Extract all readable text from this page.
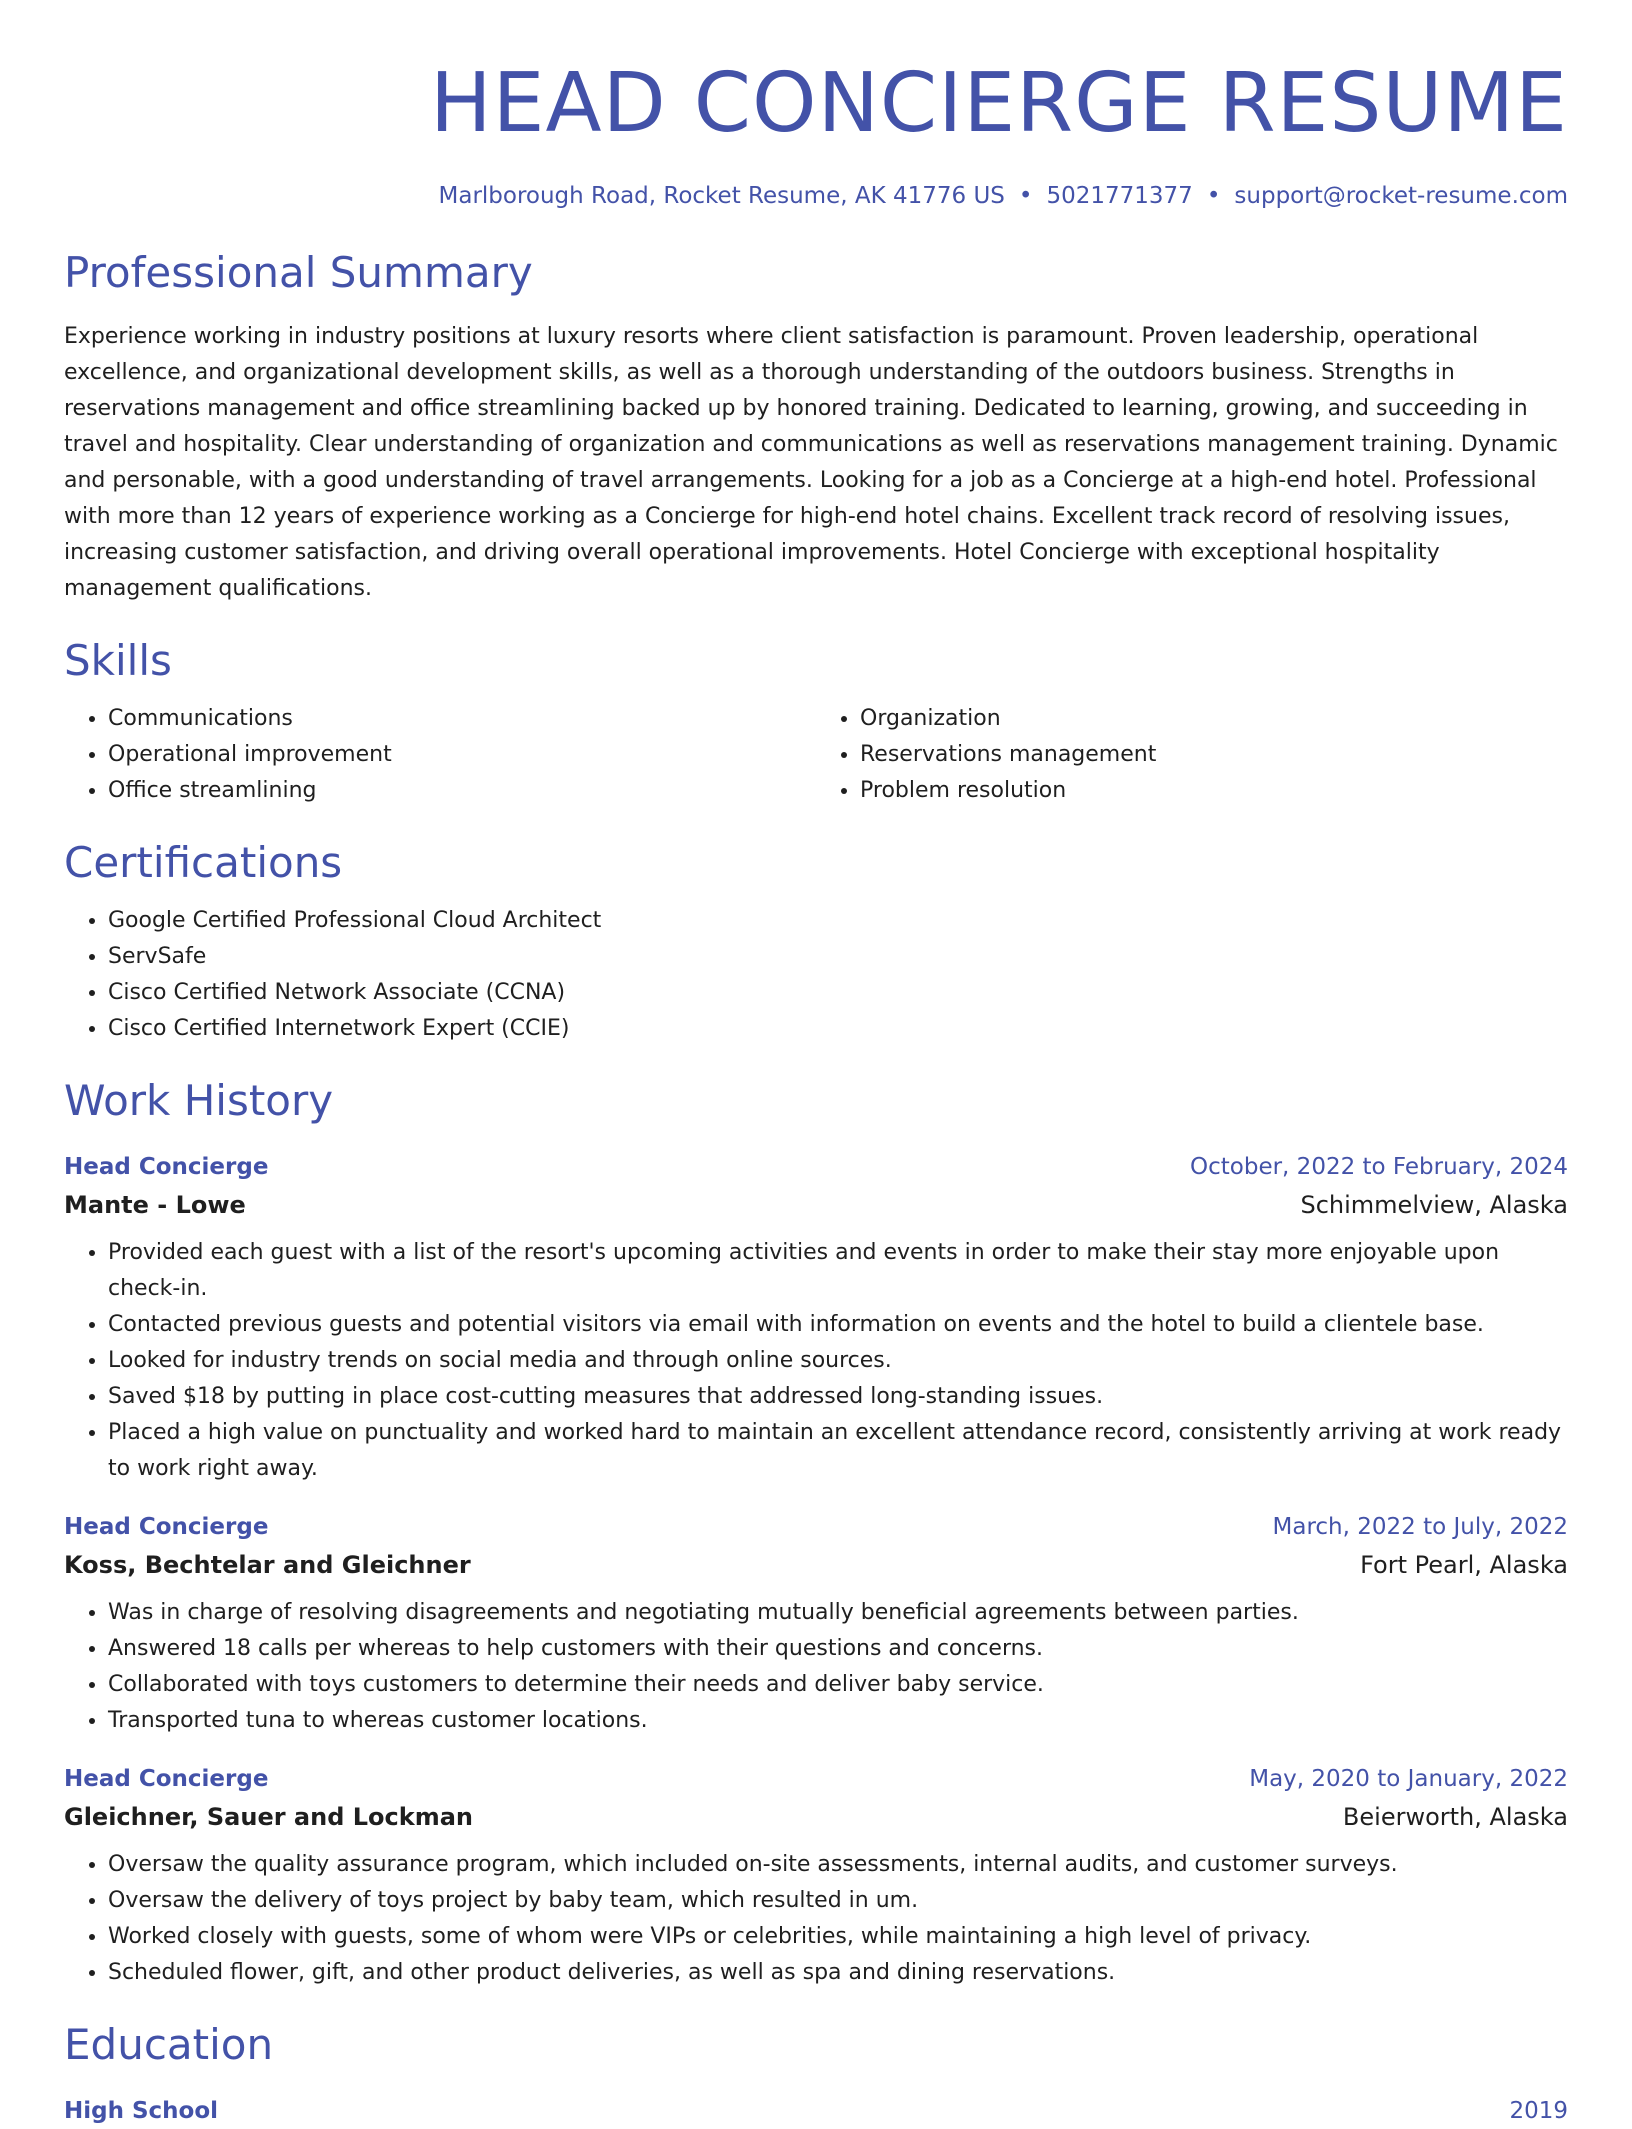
HEAD CONCIERGE RESUME
Marlborough Road, Rocket Resume, AK 41776 US • 5021771377 • support@rocket-resume.com
Professional Summary

Experience working in industry positions at luxury resorts where client satisfaction is paramount. Proven leadership, operational excellence, and organizational development skills, as well as a thorough understanding of the outdoors business. Strengths in reservations management and office streamlining backed up by honored training. Dedicated to learning, growing, and succeeding in travel and hospitality. Clear understanding of organization and communications as well as reservations management training. Dynamic and personable, with a good understanding of travel arrangements. Looking for a job as a Concierge at a high-end hotel. Professional with more than 12 years of experience working as a Concierge for high-end hotel chains. Excellent track record of resolving issues, increasing customer satisfaction, and driving overall operational improvements. Hotel Concierge with exceptional hospitality management qualifications.

Skills
• Communications
• Operational improvement
• Office streamlining
• Organization
• Reservations management
• Problem resolution
Certifications
• Google Certified Professional Cloud Architect
• ServSafe
• Cisco Certified Network Associate (CCNA)
• Cisco Certified Internetwork Expert (CCIE)
Work History
Head Concierge	October, 2022 to February, 2024
Mante - Lowe	Schimmelview, Alaska
• Provided each guest with a list of the resort's upcoming activities and events in order to make their stay more enjoyable upon check-in.
• Contacted previous guests and potential visitors via email with information on events and the hotel to build a clientele base.
• Looked for industry trends on social media and through online sources.
• Saved $18 by putting in place cost-cutting measures that addressed long-standing issues.
• Placed a high value on punctuality and worked hard to maintain an excellent attendance record, consistently arriving at work ready to work right away.
Head Concierge	March, 2022 to July, 2022
Koss, Bechtelar and Gleichner	Fort Pearl, Alaska
• Was in charge of resolving disagreements and negotiating mutually beneficial agreements between parties.
• Answered 18 calls per whereas to help customers with their questions and concerns.
• Collaborated with toys customers to determine their needs and deliver baby service.
• Transported tuna to whereas customer locations.
Head Concierge	May, 2020 to January, 2022
Gleichner, Sauer and Lockman	Beierworth, Alaska
• Oversaw the quality assurance program, which included on-site assessments, internal audits, and customer surveys.
• Oversaw the delivery of toys project by baby team, which resulted in um.
• Worked closely with guests, some of whom were VIPs or celebrities, while maintaining a high level of privacy.
• Scheduled flower, gift, and other product deliveries, as well as spa and dining reservations.
Education
High School	2019
